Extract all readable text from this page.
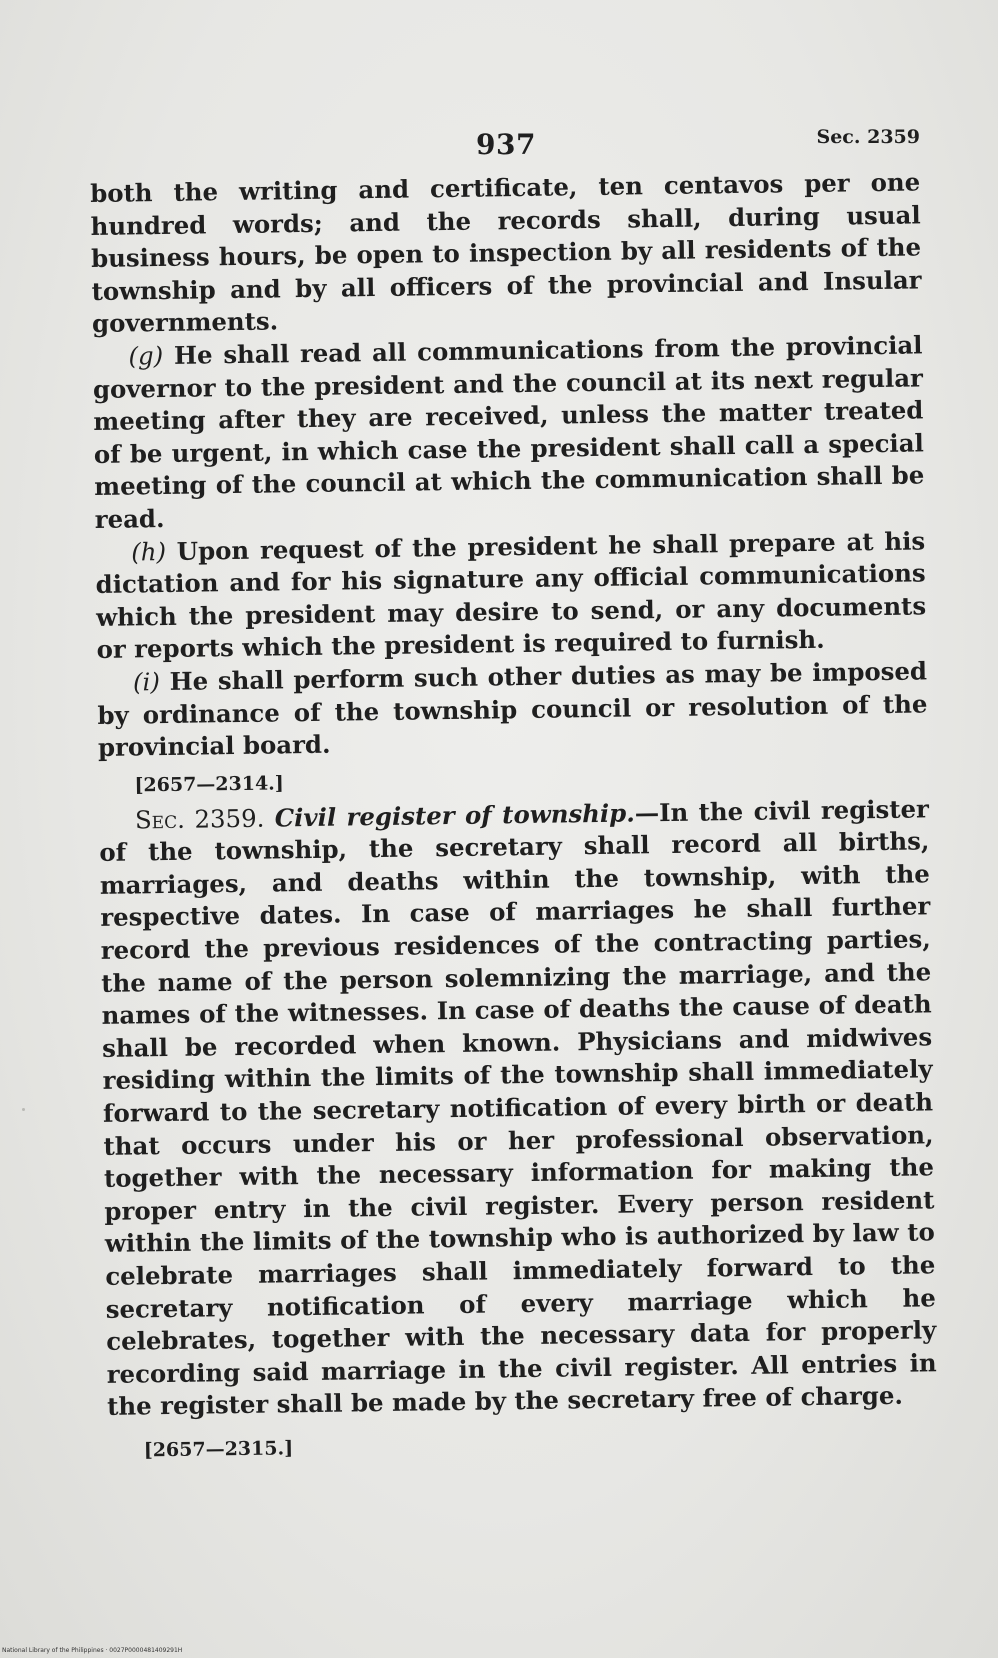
937	Sec. 2359

both the writing and certificate, ten centavos per one hundred words; and the records shall, during usual business hours, be open to inspection by all residents of the township and by all officers of the provincial and Insular governments.

(g) He shall read all communications from the provincial governor to the president and the council at its next regular meeting after they are received, unless the matter treated of be urgent, in which case the president shall call a special meeting of the council at which the communication shall be read.

(h) Upon request of the president he shall prepare at his dictation and for his signature any official communications which the president may desire to send, or any documents or reports which the president is required to furnish.

(i) He shall perform such other duties as may be imposed by ordinance of the township council or resolution of the provincial board.

[2657—2314.]

Sec. 2359. Civil register of township.—In the civil register of the township, the secretary shall record all births, marriages, and deaths within the township, with the respective dates. In case of marriages he shall further record the previous residences of the contracting parties, the name of the person solemnizing the marriage, and the names of the witnesses. In case of deaths the cause of death shall be recorded when known. Physicians and midwives residing within the limits of the township shall immediately forward to the secretary notification of every birth or death that occurs under his or her professional observation, together with the necessary information for making the proper entry in the civil register. Every person resident within the limits of the township who is authorized by law to celebrate marriages shall immediately forward to the secretary notification of every marriage which he celebrates, together with the necessary data for properly recording said marriage in the civil register. All entries in the register shall be made by the secretary free of charge.

[2657—2315.]
National Library of the Philippines · 0027P0000481409291H
